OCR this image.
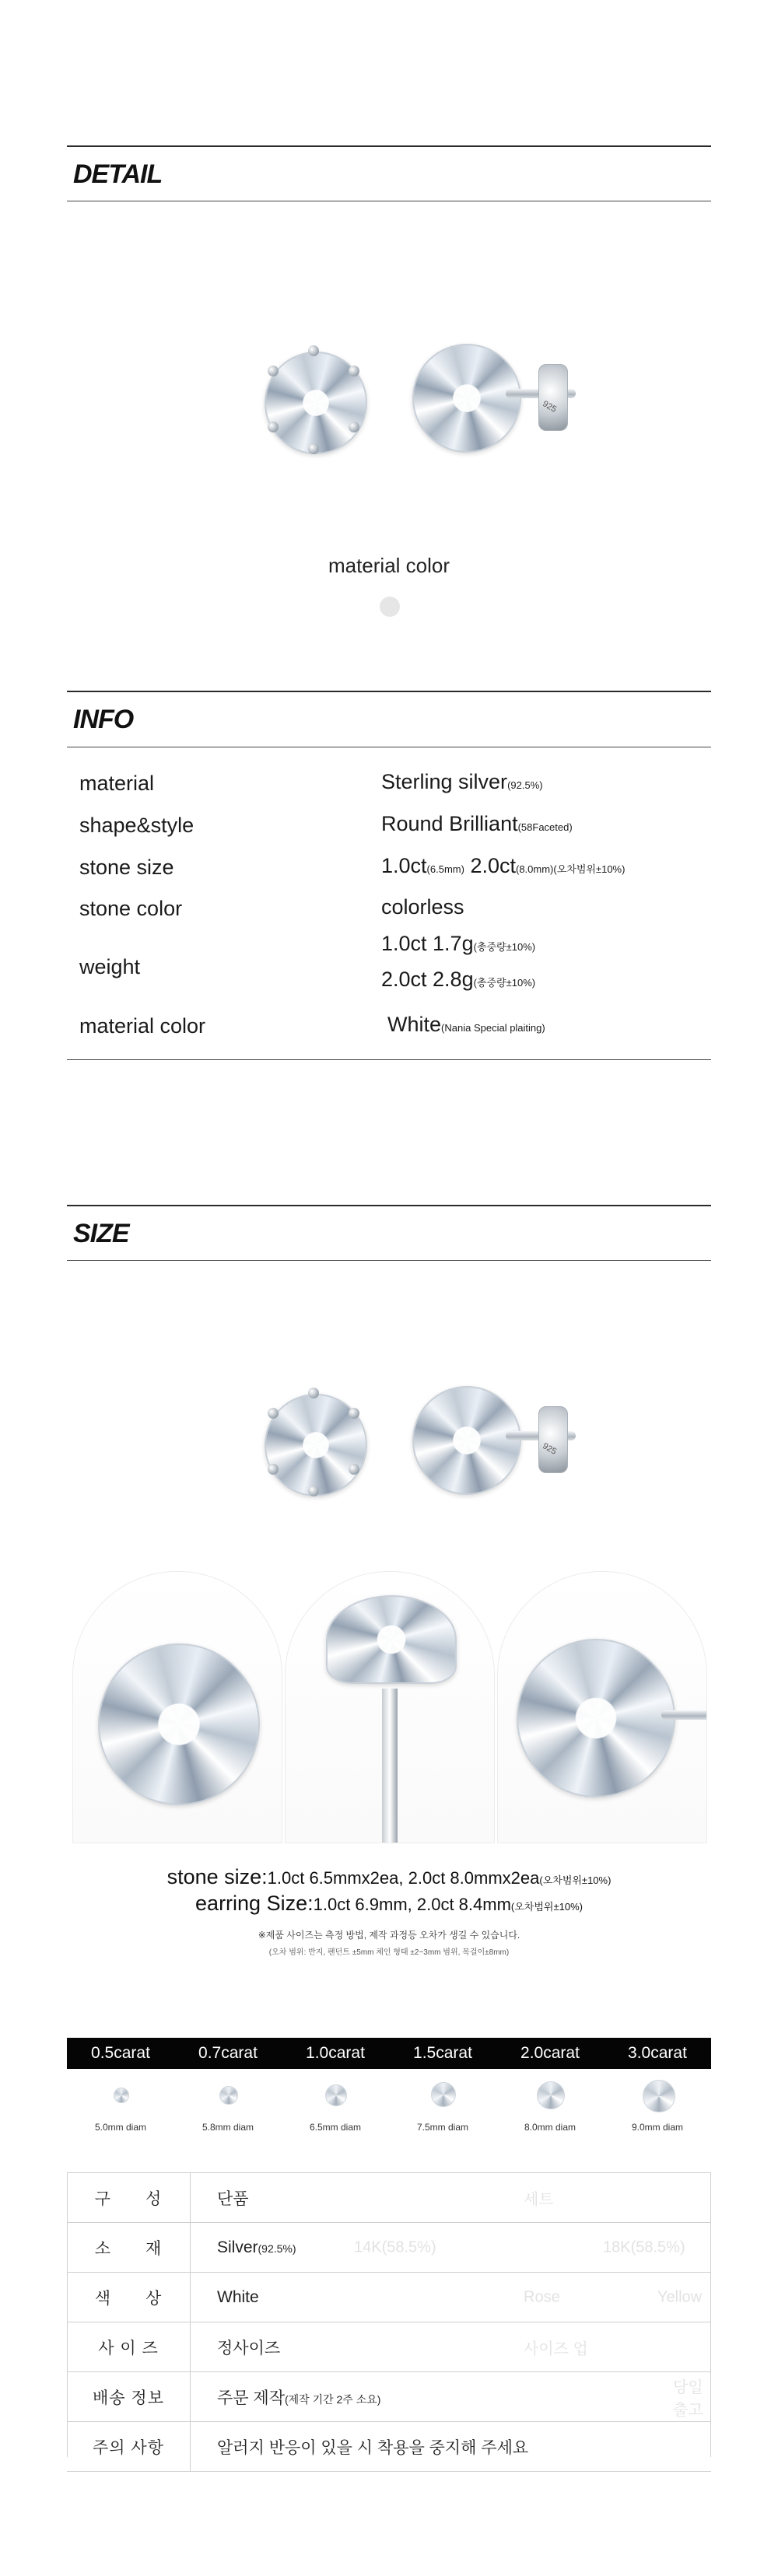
DETAIL
925
material color
INFO
material	Sterling silver(92.5%)
shape&style	Round Brilliant(58Faceted)
stone size	1.0ct(6.5mm) 2.0ct(8.0mm)(오차범위±10%)
stone color	colorless
weight
1.0ct 1.7g(총중량±10%)
2.0ct 2.8g(총중량±10%)
material color	White(Nania Special plaiting)
SIZE
925
stone size:1.0ct 6.5mmx2ea, 2.0ct 8.0mmx2ea(오차범위±10%)
earring Size:1.0ct 6.9mm, 2.0ct 8.4mm(오차범위±10%)
※제품 사이즈는 측정 방법, 제작 과정등 오차가 생길 수 있습니다.
(오차 범위: 반지, 팬던트 ±5mm 체인 형태 ±2~3mm 범위, 목걸이±8mm)
0.5carat	0.7carat	1.0carat	1.5carat	2.0carat	3.0carat
5.0mm diam	5.8mm diam	6.5mm diam	7.5mm diam	8.0mm diam	9.0mm diam
구　　성	단품 세트

소　　재	Silver(92.5%) 14K(58.5%) 18K(58.5%)

색　　상	White Rose Yellow

사 이 즈	정사이즈 사이즈 업

배송 정보	주문 제작(제작 기간 2주 소요)
당일 출고

주의 사항	알러지 반응이 있을 시 착용을 중지해 주세요
